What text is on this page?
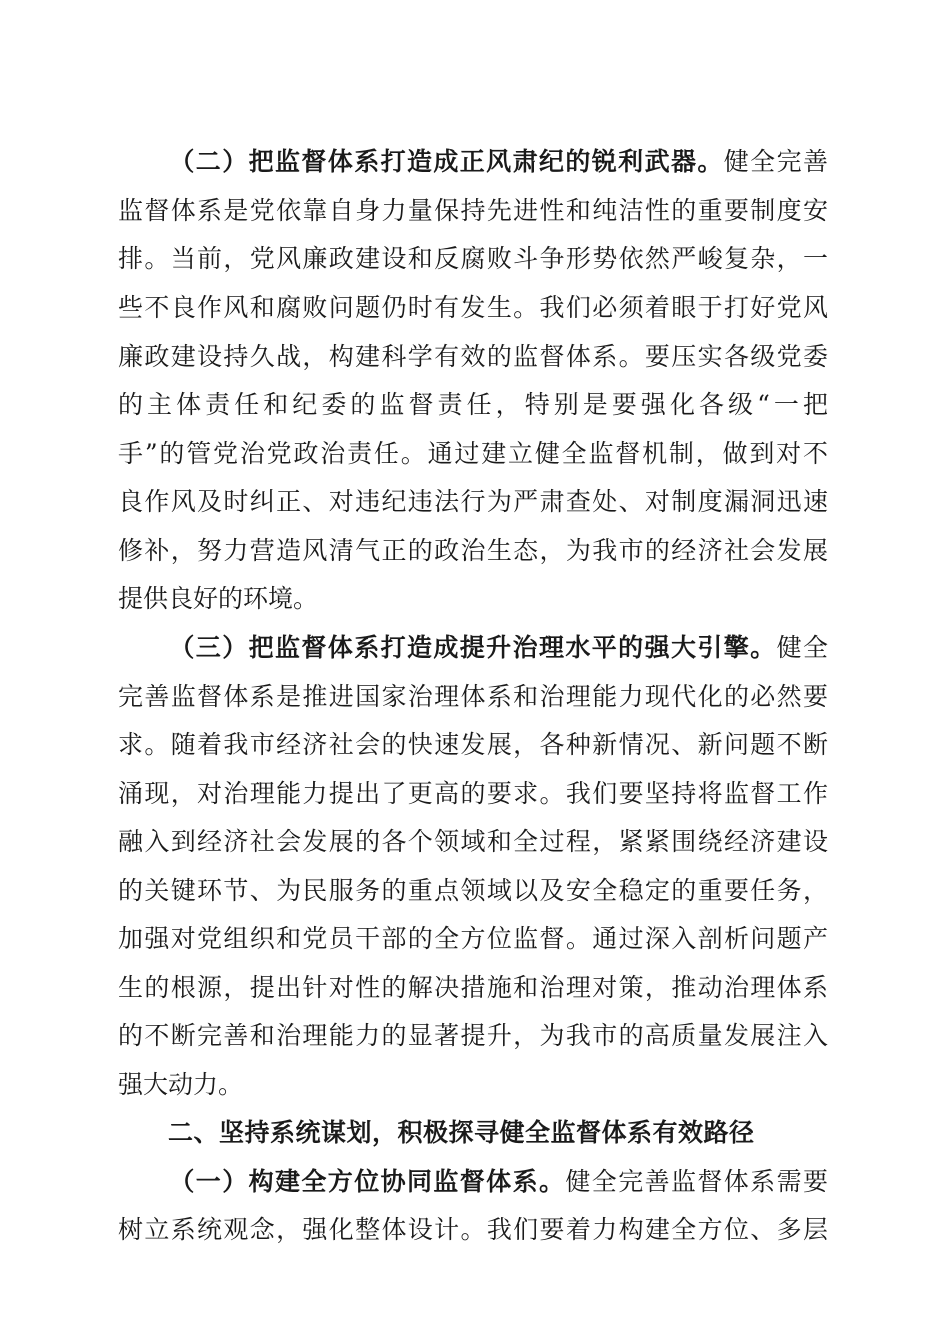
（二）把监督体系打造成正风肃纪的锐利武器。健全完善
监督体系是党依靠自身力量保持先进性和纯洁性的重要制度安
排。当前，党风廉政建设和反腐败斗争形势依然严峻复杂，一
些不良作风和腐败问题仍时有发生。我们必须着眼于打好党风
廉政建设持久战，构建科学有效的监督体系。要压实各级党委
的主体责任和纪委的监督责任，特别是要强化各级“一把
手”的管党治党政治责任。通过建立健全监督机制，做到对不
良作风及时纠正、对违纪违法行为严肃查处、对制度漏洞迅速
修补，努力营造风清气正的政治生态，为我市的经济社会发展
提供良好的环境。
（三）把监督体系打造成提升治理水平的强大引擎。健全
完善监督体系是推进国家治理体系和治理能力现代化的必然要
求。随着我市经济社会的快速发展，各种新情况、新问题不断
涌现，对治理能力提出了更高的要求。我们要坚持将监督工作
融入到经济社会发展的各个领域和全过程，紧紧围绕经济建设
的关键环节、为民服务的重点领域以及安全稳定的重要任务，
加强对党组织和党员干部的全方位监督。通过深入剖析问题产
生的根源，提出针对性的解决措施和治理对策，推动治理体系
的不断完善和治理能力的显著提升，为我市的高质量发展注入
强大动力。
二、坚持系统谋划，积极探寻健全监督体系有效路径
（一）构建全方位协同监督体系。健全完善监督体系需要
树立系统观念，强化整体设计。我们要着力构建全方位、多层
